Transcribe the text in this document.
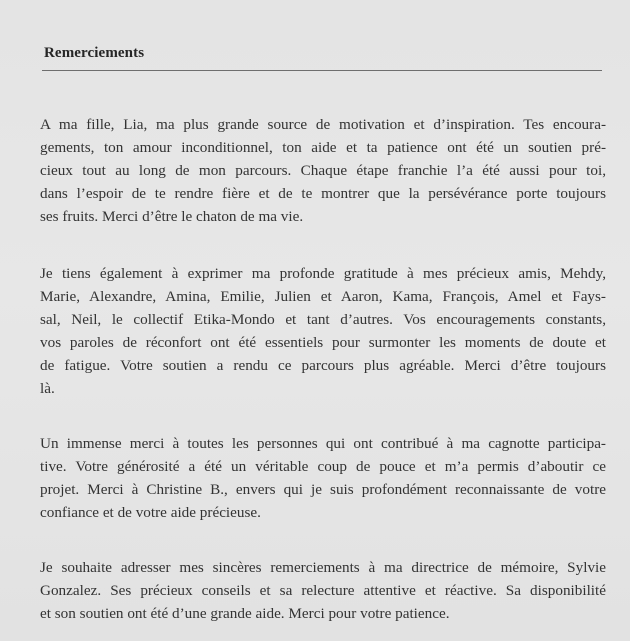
Remerciements
A ma fille, Lia, ma plus grande source de motivation et d’inspiration. Tes encoura-
gements, ton amour inconditionnel, ton aide et ta patience ont été un soutien pré-
cieux tout au long de mon parcours. Chaque étape franchie l’a été aussi pour toi,
dans l’espoir de te rendre fière et de te montrer que la persévérance porte toujours
ses fruits. Merci d’être le chaton de ma vie.
Je tiens également à exprimer ma profonde gratitude à mes précieux amis, Mehdy,
Marie, Alexandre, Amina, Emilie, Julien et Aaron, Kama, François, Amel et Fays-
sal, Neil, le collectif Etika-Mondo et tant d’autres. Vos encouragements constants,
vos paroles de réconfort ont été essentiels pour surmonter les moments de doute et
de fatigue. Votre soutien a rendu ce parcours plus agréable. Merci d’être toujours
là.
Un immense merci à toutes les personnes qui ont contribué à ma cagnotte participa-
tive. Votre générosité a été un véritable coup de pouce et m’a permis d’aboutir ce
projet. Merci à Christine B., envers qui je suis profondément reconnaissante de votre
confiance et de votre aide précieuse.
Je souhaite adresser mes sincères remerciements à ma directrice de mémoire, Sylvie
Gonzalez. Ses précieux conseils et sa relecture attentive et réactive. Sa disponibilité
et son soutien ont été d’une grande aide. Merci pour votre patience.
